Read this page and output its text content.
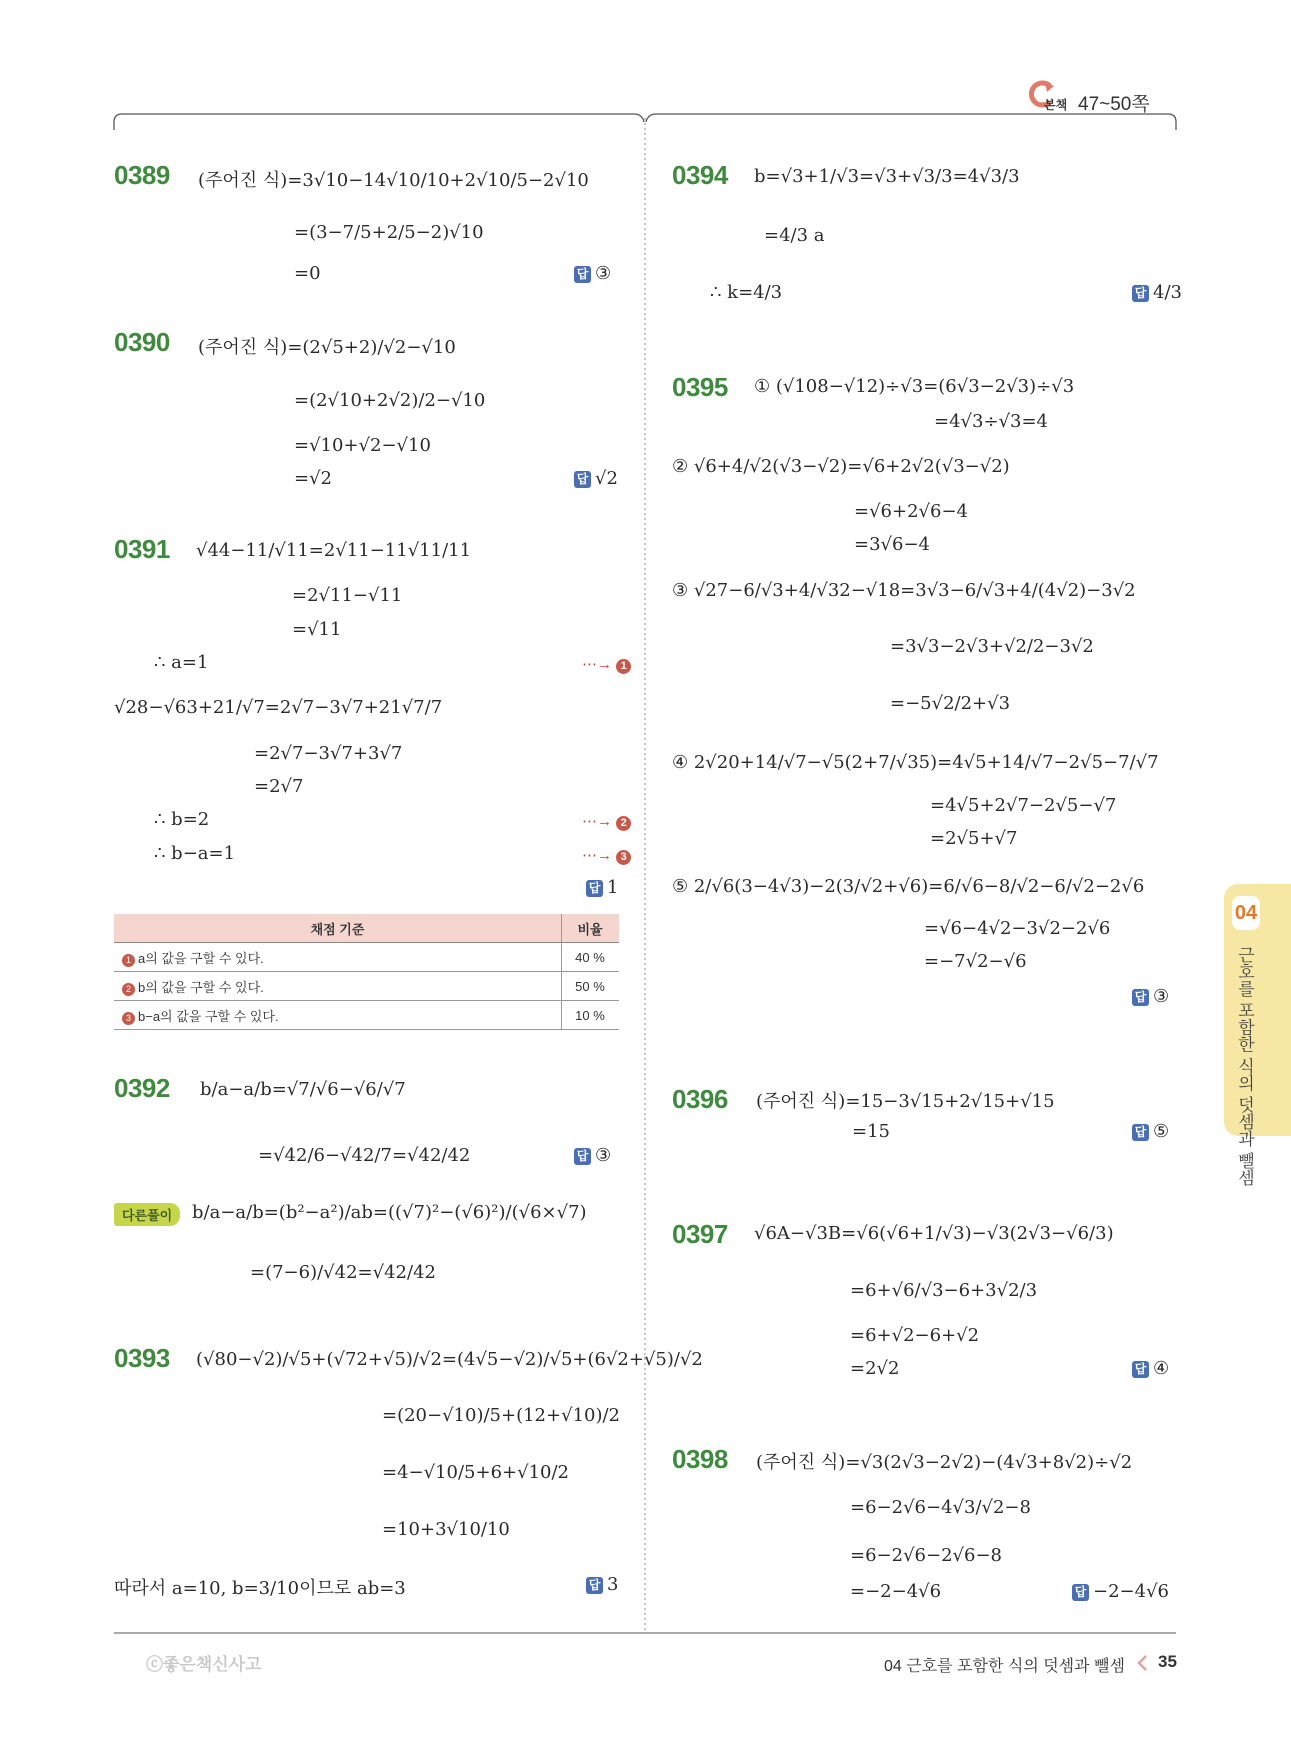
본책 47~50쪽
0389 (주어진 식)=3√10−14√10/10+2√10/5−2√10
=(3−7/5+2/5−2)√10
=0	답 ③
0390 (주어진 식)=(2√5+2)/√2−√10
=(2√10+2√2)/2−√10
=√10+√2−√10
=√2	답 √2
0391 √44−11/√11=2√11−11√11/11
=2√11−√11
=√11
∴ a=1	⋯→ 1
√28−√63+21/√7=2√7−3√7+21√7/7
=2√7−3√7+3√7
=2√7
∴ b=2	⋯→ 2
∴ b−a=1	⋯→ 3
답 1
채점 기준	비율
1 a의 값을 구할 수 있다.	40 %
2 b의 값을 구할 수 있다.	50 %
3 b−a의 값을 구할 수 있다.	10 %
0392 b/a−a/b=√7/√6−√6/√7
=√42/6−√42/7=√42/42	답 ③
다른풀이	b/a−a/b=(b²−a²)/ab=((√7)²−(√6)²)/(√6×√7)
=(7−6)/√42=√42/42
0393 (√80−√2)/√5+(√72+√5)/√2=(4√5−√2)/√5+(6√2+√5)/√2
=(20−√10)/5+(12+√10)/2
=4−√10/5+6+√10/2
=10+3√10/10
따라서 a=10, b=3/10이므로 ab=3	답 3
0394 b=√3+1/√3=√3+√3/3=4√3/3
=4/3 a
∴ k=4/3	답 4/3
0395 ① (√108−√12)÷√3=(6√3−2√3)÷√3
=4√3÷√3=4
② √6+4/√2(√3−√2)=√6+2√2(√3−√2)
=√6+2√6−4
=3√6−4
③ √27−6/√3+4/√32−√18=3√3−6/√3+4/(4√2)−3√2
=3√3−2√3+√2/2−3√2
=−5√2/2+√3
④ 2√20+14/√7−√5(2+7/√35)=4√5+14/√7−2√5−7/√7
=4√5+2√7−2√5−√7
=2√5+√7
⑤ 2/√6(3−4√3)−2(3/√2+√6)=6/√6−8/√2−6/√2−2√6
=√6−4√2−3√2−2√6
=−7√2−√6
답 ③
0396 (주어진 식)=15−3√15+2√15+√15
=15	답 ⑤
0397 √6A−√3B=√6(√6+1/√3)−√3(2√3−√6/3)
=6+√6/√3−6+3√2/3
=6+√2−6+√2
=2√2	답 ④
0398 (주어진 식)=√3(2√3−2√2)−(4√3+8√2)÷√2
=6−2√6−4√3/√2−8
=6−2√6−2√6−8
=−2−4√6	답 −2−4√6
04
근호를 포함한 식의 덧셈과 뺄셈
ⓒ좋은책신사고	04 근호를 포함한 식의 덧셈과 뺄셈 35
